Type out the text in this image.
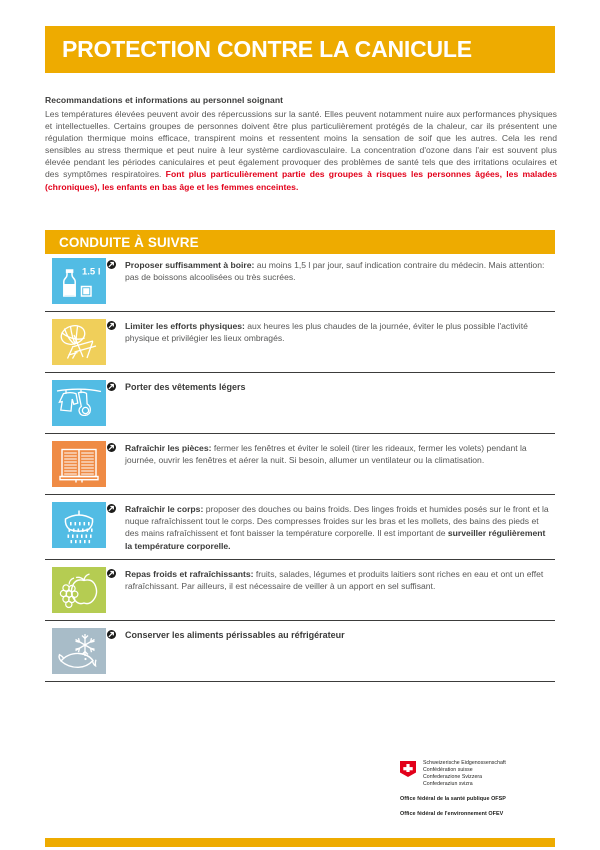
PROTECTION CONTRE LA CANICULE
Recommandations et informations au personnel soignant
Les températures élevées peuvent avoir des répercussions sur la santé. Elles peuvent notamment nuire aux performances physiques et intellectuelles. Certains groupes de personnes doivent être plus particulièrement protégés de la chaleur, car ils présentent une régulation thermique moins efficace, transpirent moins et ressentent moins la sensation de soif que les autres. Cela les rend sensibles au stress thermique et peut nuire à leur système cardiovasculaire. La concentration d'ozone dans l'air est souvent plus élevée pendant les périodes caniculaires et peut également provoquer des problèmes de santé tels que des irritations oculaires et des symptômes respiratoires. Font plus particulièrement partie des groupes à risques les personnes âgées, les malades (chroniques), les enfants en bas âge et les femmes enceintes.
CONDUITE À SUIVRE
1.5 l
Proposer suffisamment à boire: au moins 1,5 l par jour, sauf indication contraire du médecin. Mais attention: pas de boissons alcoolisées ou très sucrées.
Limiter les efforts physiques: aux heures les plus chaudes de la journée, éviter le plus possible l'activité physique et privilégier les lieux ombragés.
Porter des vêtements légers
Rafraîchir les pièces: fermer les fenêtres et éviter le soleil (tirer les rideaux, fermer les volets) pendant la journée, ouvrir les fenêtres et aérer la nuit. Si besoin, allumer un ventilateur ou la climatisation.
Rafraîchir le corps: proposer des douches ou bains froids. Des linges froids et humides posés sur le front et la nuque rafraîchissent tout le corps. Des compresses froides sur les bras et les mollets, des bains des pieds et des mains rafraîchissent et font baisser la température corporelle. Il est important de surveiller régulièrement la température corporelle.
Repas froids et rafraîchissants: fruits, salades, légumes et produits laitiers sont riches en eau et ont un effet rafraîchissant. Par ailleurs, il est nécessaire de veiller à un apport en sel suffisant.
Conserver les aliments périssables au réfrigérateur
Schweizerische Eidgenossenschaft
Confédération suisse
Confederazione Svizzera
Confederaziun svizra
Office fédéral de la santé publique OFSP
Office fédéral de l'environnement OFEV
